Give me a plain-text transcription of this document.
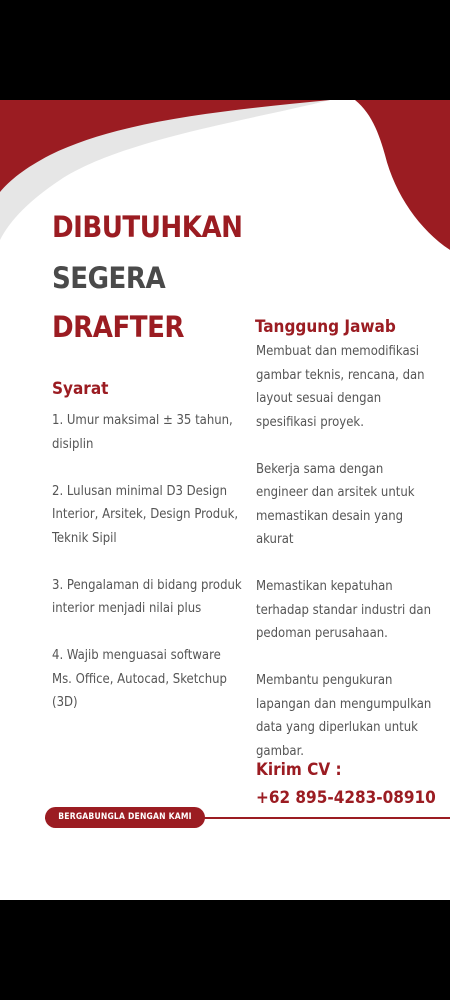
DIBUTUHKAN
SEGERA
DRAFTER
Syarat
1. Umur maksimal ± 35 tahun, disiplin
2. Lulusan minimal D3 Design Interior, Arsitek, Design Produk, Teknik Sipil
3. Pengalaman di bidang produk interior menjadi nilai plus
4. Wajib menguasai software Ms. Office, Autocad, Sketchup (3D)
Tanggung Jawab
Membuat dan memodifikasi gambar teknis, rencana, dan layout sesuai dengan spesifikasi proyek.
Bekerja sama dengan engineer dan arsitek untuk memastikan desain yang akurat
Memastikan kepatuhan terhadap standar industri dan pedoman perusahaan.
Membantu pengukuran lapangan dan mengumpulkan data yang diperlukan untuk gambar.

Kirim CV :

+62 895-4283-08910

BERGABUNGLA DENGAN KAMI
